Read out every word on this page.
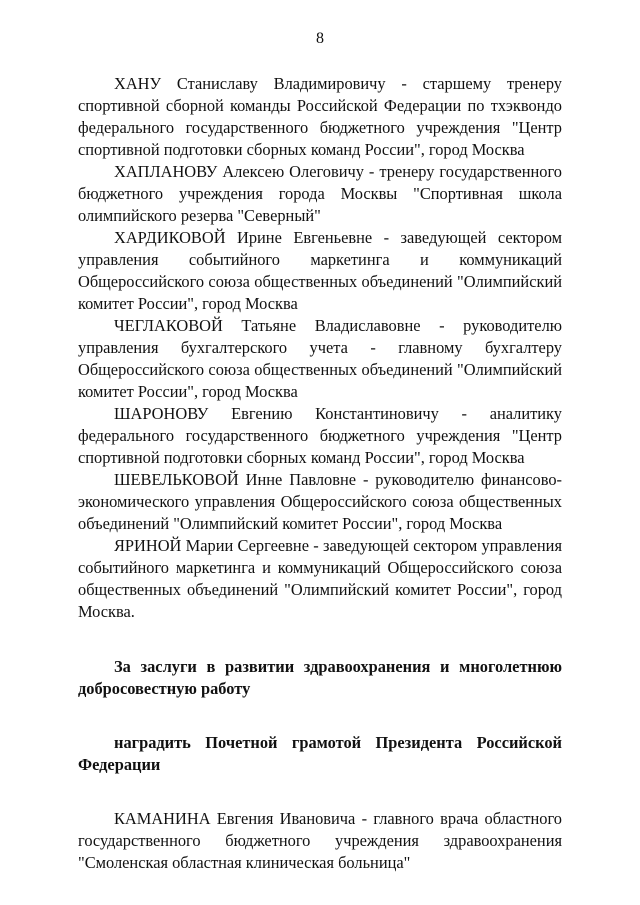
8

ХАНУ Станиславу Владимировичу - старшему тренеру спортивной сборной команды Российской Федерации по тхэквондо федерального государственного бюджетного учреждения "Центр спортивной подготовки сборных команд России", город Москва

ХАПЛАНОВУ Алексею Олеговичу - тренеру государственного бюджетного учреждения города Москвы "Спортивная школа олимпийского резерва "Северный"

ХАРДИКОВОЙ Ирине Евгеньевне - заведующей сектором управления событийного маркетинга и коммуникаций Общероссийского союза общественных объединений "Олимпийский комитет России", город Москва

ЧЕГЛАКОВОЙ Татьяне Владиславовне - руководителю управления бухгалтерского учета - главному бухгалтеру Общероссийского союза общественных объединений "Олимпийский комитет России", город Москва

ШАРОНОВУ Евгению Константиновичу - аналитику федерального государственного бюджетного учреждения "Центр спортивной подготовки сборных команд России", город Москва

ШЕВЕЛЬКОВОЙ Инне Павловне - руководителю финансово-экономического управления Общероссийского союза общественных объединений "Олимпийский комитет России", город Москва

ЯРИНОЙ Марии Сергеевне - заведующей сектором управления событийного маркетинга и коммуникаций Общероссийского союза общественных объединений "Олимпийский комитет России", город Москва.

За заслуги в развитии здравоохранения и многолетнюю добросовестную работу

наградить Почетной грамотой Президента Российской Федерации

КАМАНИНА Евгения Ивановича - главного врача областного государственного бюджетного учреждения здравоохранения "Смоленская областная клиническая больница"
